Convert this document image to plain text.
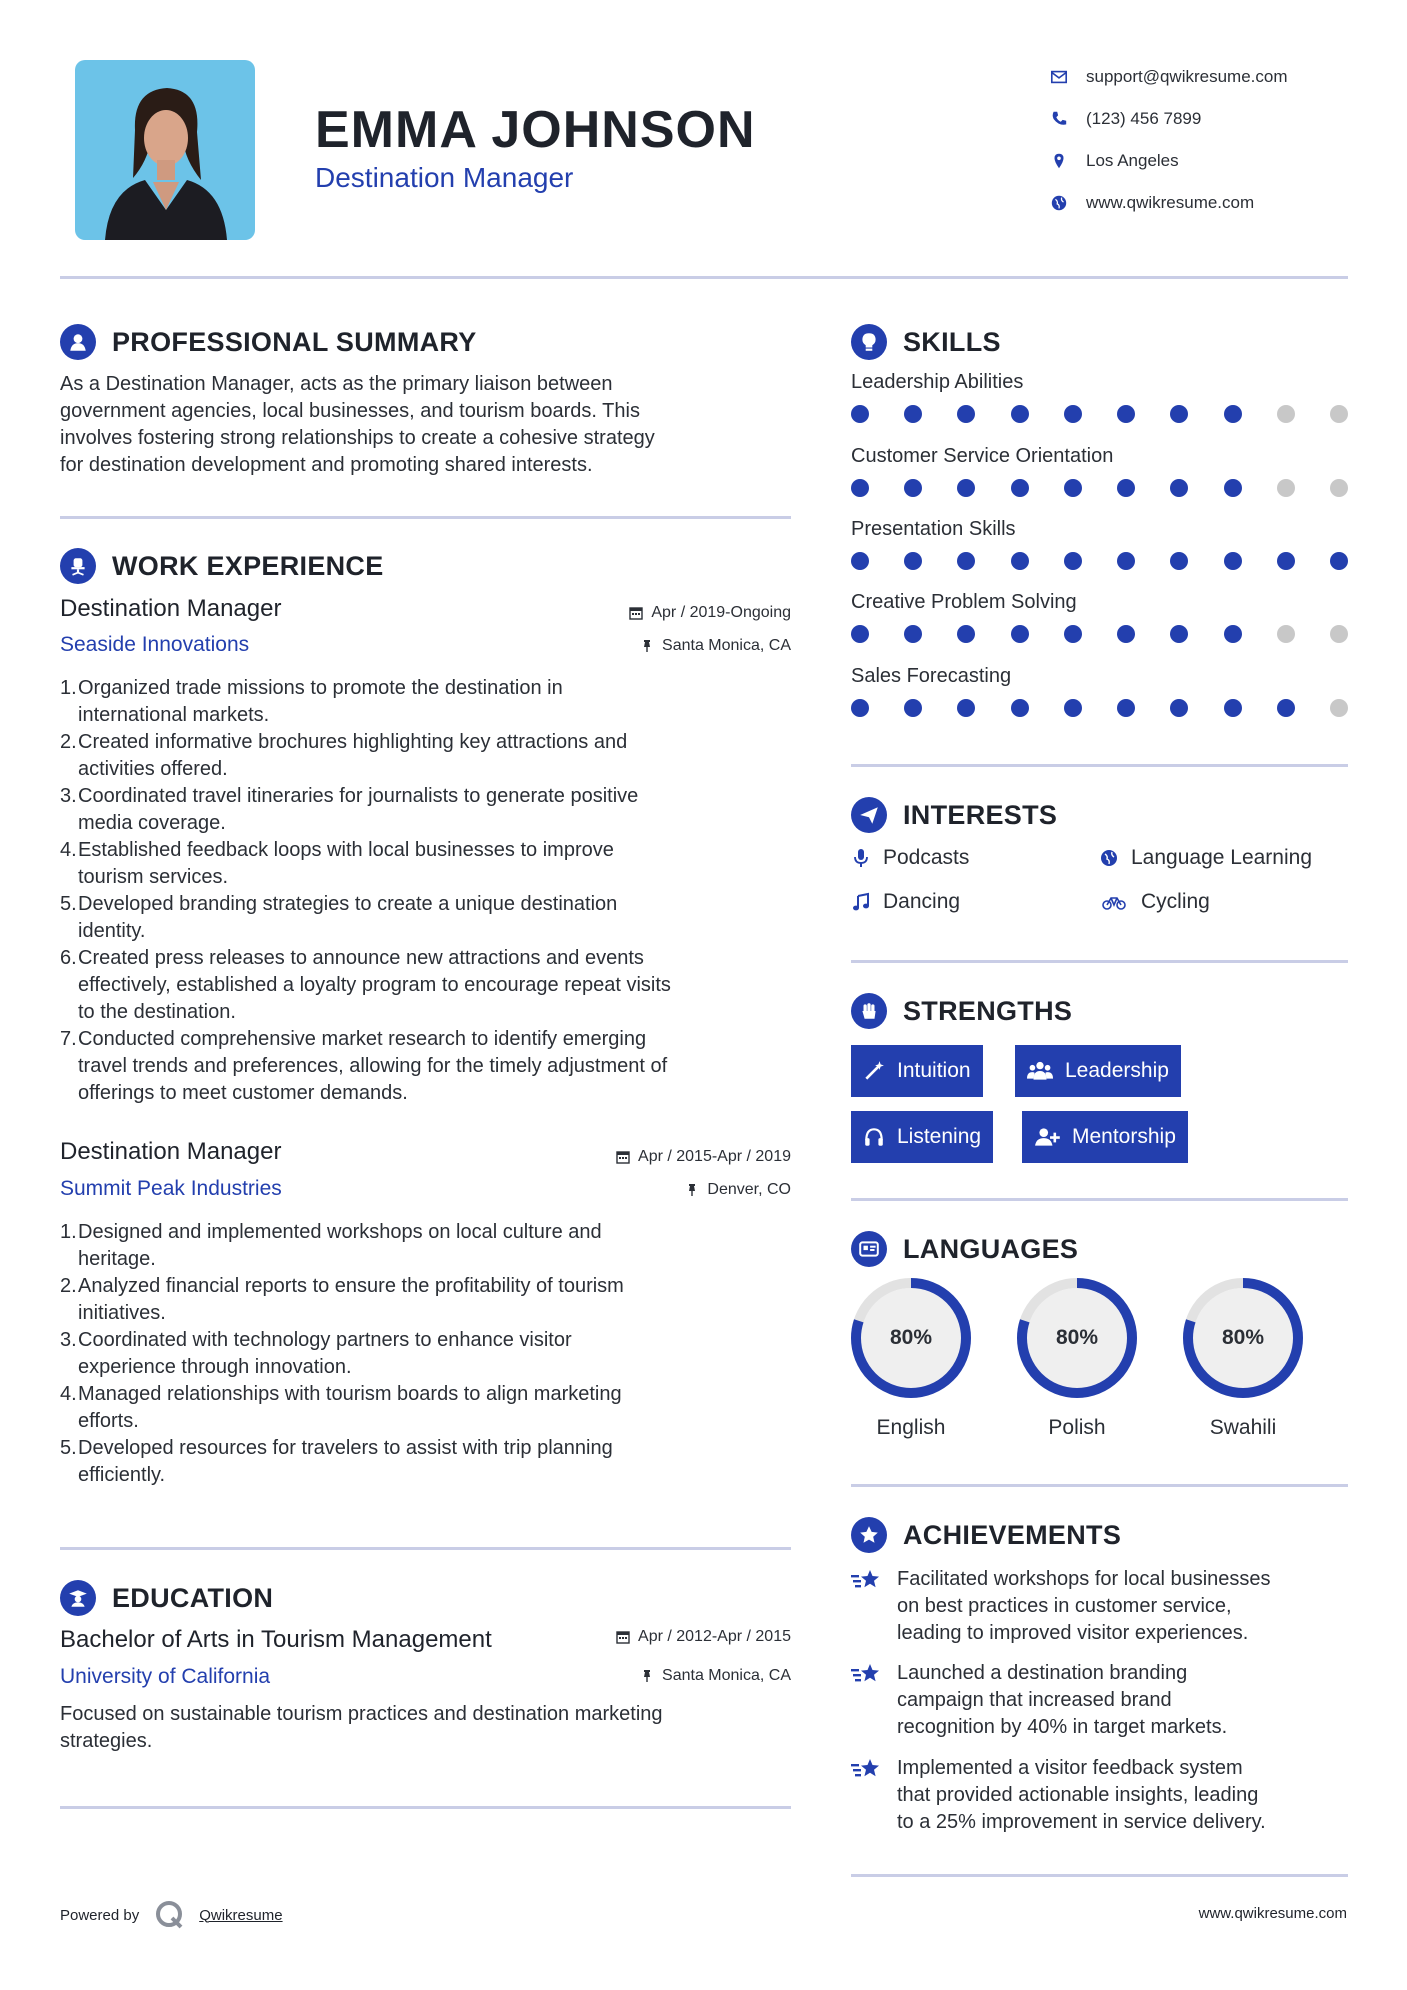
EMMA JOHNSON
Destination Manager
support@qwikresume.com
(123) 456 7899
Los Angeles
www.qwikresume.com
PROFESSIONAL SUMMARY
As a Destination Manager, acts as the primary liaison between
government agencies, local businesses, and tourism boards. This
involves fostering strong relationships to create a cohesive strategy
for destination development and promoting shared interests.
WORK EXPERIENCE
Destination Manager	Apr / 2019-Ongoing
Seaside Innovations	Santa Monica, CA
1. Organized trade missions to promote the destination in
international markets.
2. Created informative brochures highlighting key attractions and
activities offered.
3. Coordinated travel itineraries for journalists to generate positive
media coverage.
4. Established feedback loops with local businesses to improve
tourism services.
5. Developed branding strategies to create a unique destination
identity.
6. Created press releases to announce new attractions and events
effectively, established a loyalty program to encourage repeat visits
to the destination.
7. Conducted comprehensive market research to identify emerging
travel trends and preferences, allowing for the timely adjustment of
offerings to meet customer demands.
Destination Manager	Apr / 2015-Apr / 2019
Summit Peak Industries	Denver, CO
1. Designed and implemented workshops on local culture and
heritage.
2. Analyzed financial reports to ensure the profitability of tourism
initiatives.
3. Coordinated with technology partners to enhance visitor
experience through innovation.
4. Managed relationships with tourism boards to align marketing
efforts.
5. Developed resources for travelers to assist with trip planning
efficiently.
EDUCATION
Bachelor of Arts in Tourism Management	Apr / 2012-Apr / 2015
University of California	Santa Monica, CA
Focused on sustainable tourism practices and destination marketing
strategies.
SKILLS
Leadership Abilities
Customer Service Orientation
Presentation Skills
Creative Problem Solving
Sales Forecasting
INTERESTS
Podcasts	Language Learning
Dancing	Cycling
STRENGTHS
Intuition	Leadership
Listening	Mentorship
LANGUAGES
80%
English
80%
Polish
80%
Swahili
ACHIEVEMENTS
Facilitated workshops for local businesses
on best practices in customer service,
leading to improved visitor experiences.
Launched a destination branding
campaign that increased brand
recognition by 40% in target markets.
Implemented a visitor feedback system
that provided actionable insights, leading
to a 25% improvement in service delivery.
Powered by	Qwikresume	www.qwikresume.com
